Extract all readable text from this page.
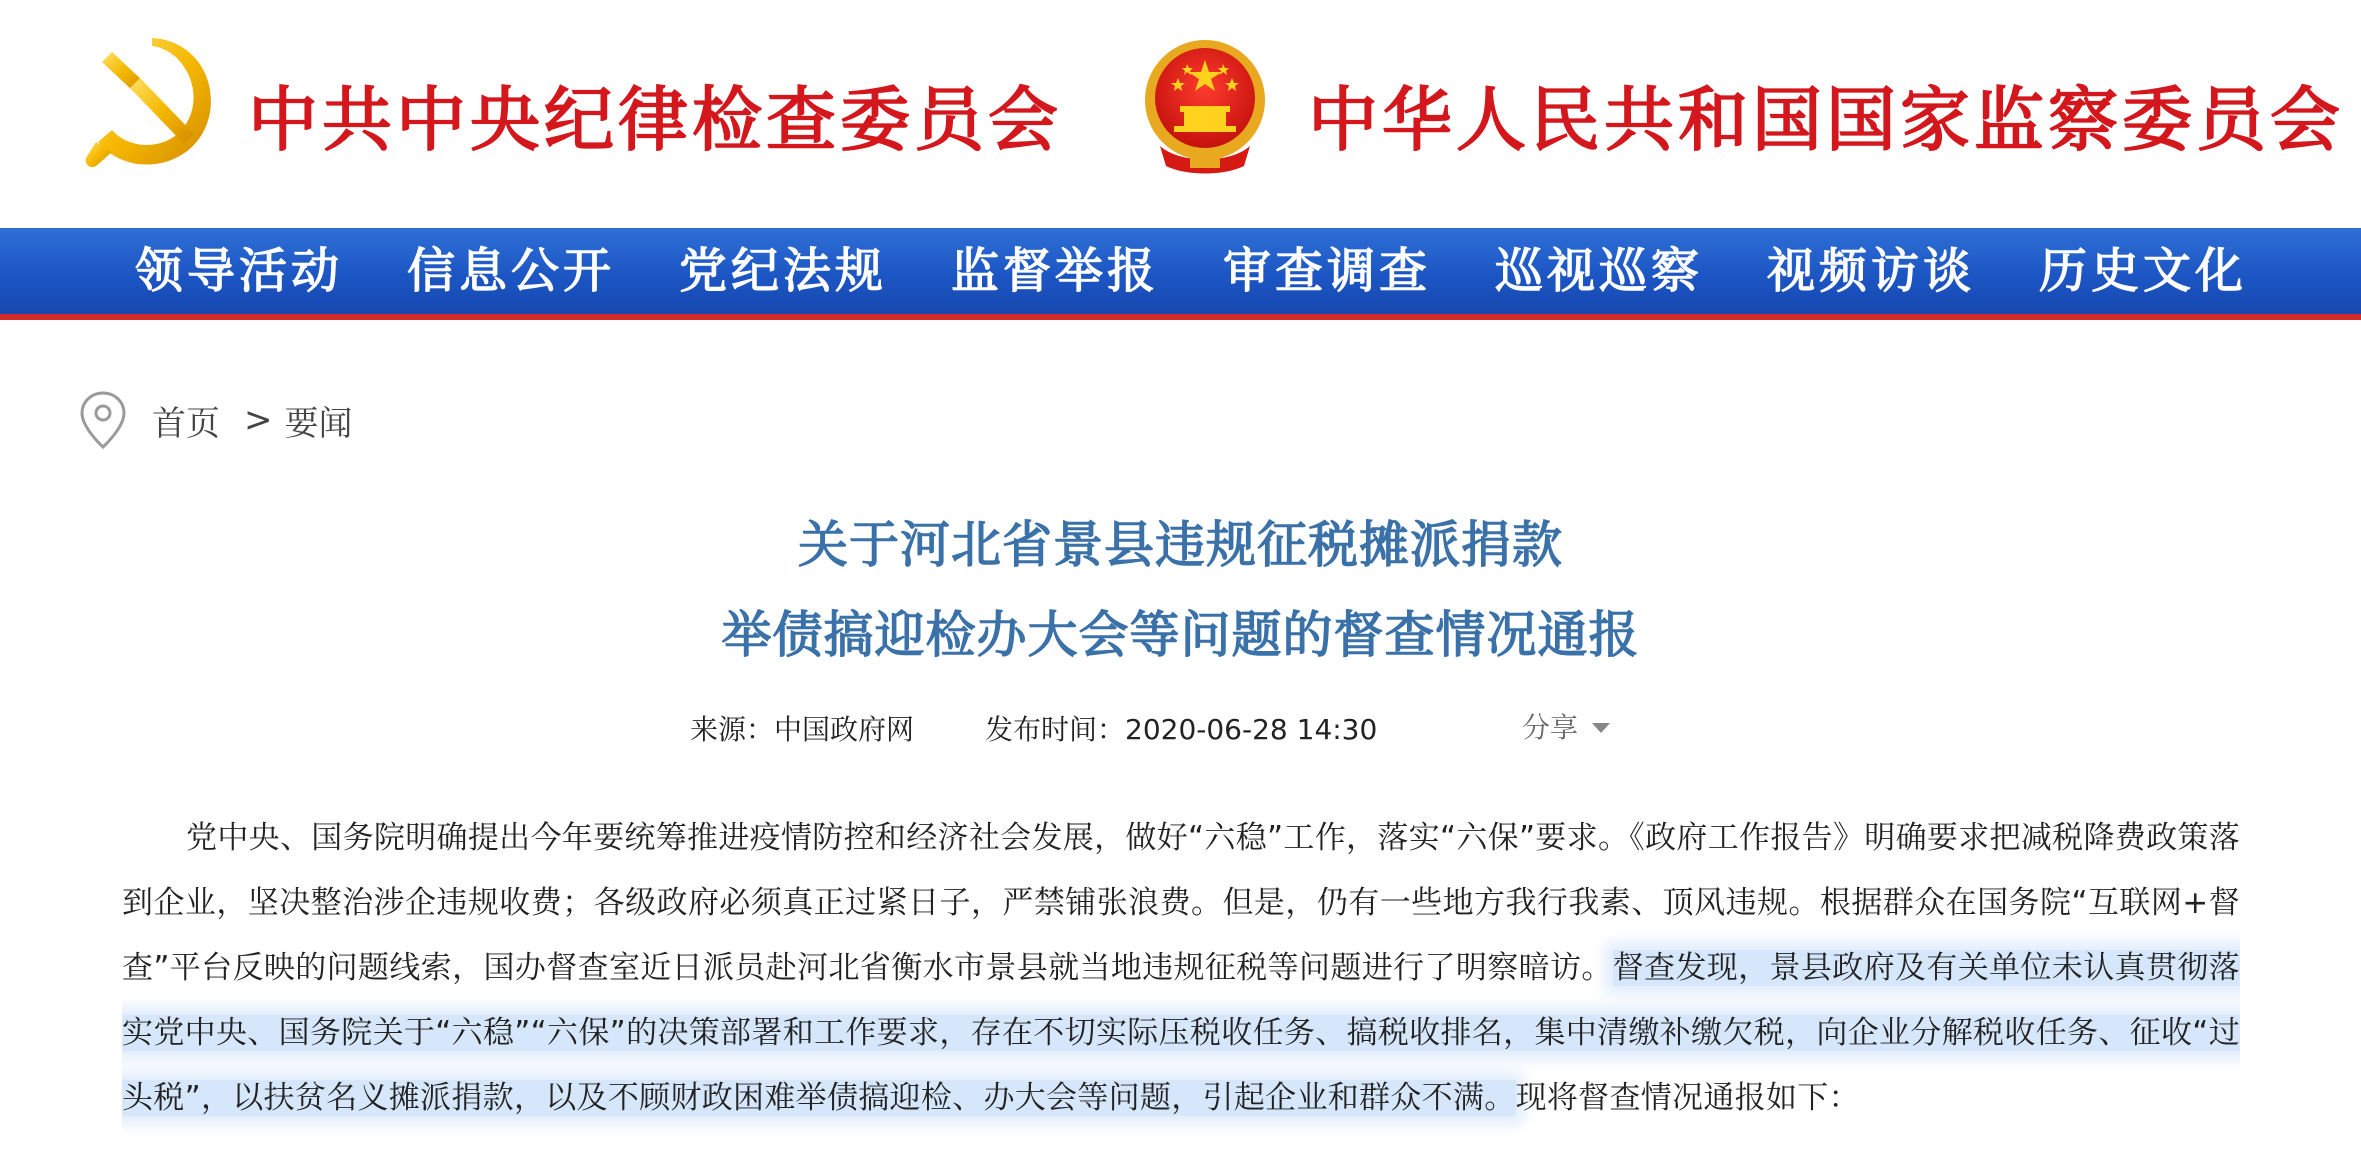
中共中央纪律检查委员会	中华人民共和国国家监察委员会
领导活动	信息公开	党纪法规	监督举报	审查调查	巡视巡察	视频访谈	历史文化
首页 > 要闻
关于河北省景县违规征税摊派捐款
举债搞迎检办大会等问题的督查情况通报
来源：中国政府网	发布时间：2020-06-28 14:30	分享

党中央、国务院明确提出今年要统筹推进疫情防控和经济社会发展，做好“六稳”工作，落实“六保”要求。《政府工作报告》明确要求把减税降费政策落到企业，坚决整治涉企违规收费；各级政府必须真正过紧日子，严禁铺张浪费。但是，仍有一些地方我行我素、顶风违规。根据群众在国务院“互联网+督查”平台反映的问题线索，国办督查室近日派员赴河北省衡水市景县就当地违规征税等问题进行了明察暗访。督查发现，景县政府及有关单位未认真贯彻落实党中央、国务院关于“六稳”“六保”的决策部署和工作要求，存在不切实际压税收任务、搞税收排名，集中清缴补缴欠税，向企业分解税收任务、征收“过头税”，以扶贫名义摊派捐款，以及不顾财政困难举债搞迎检、办大会等问题，引起企业和群众不满。现将督查情况通报如下：
